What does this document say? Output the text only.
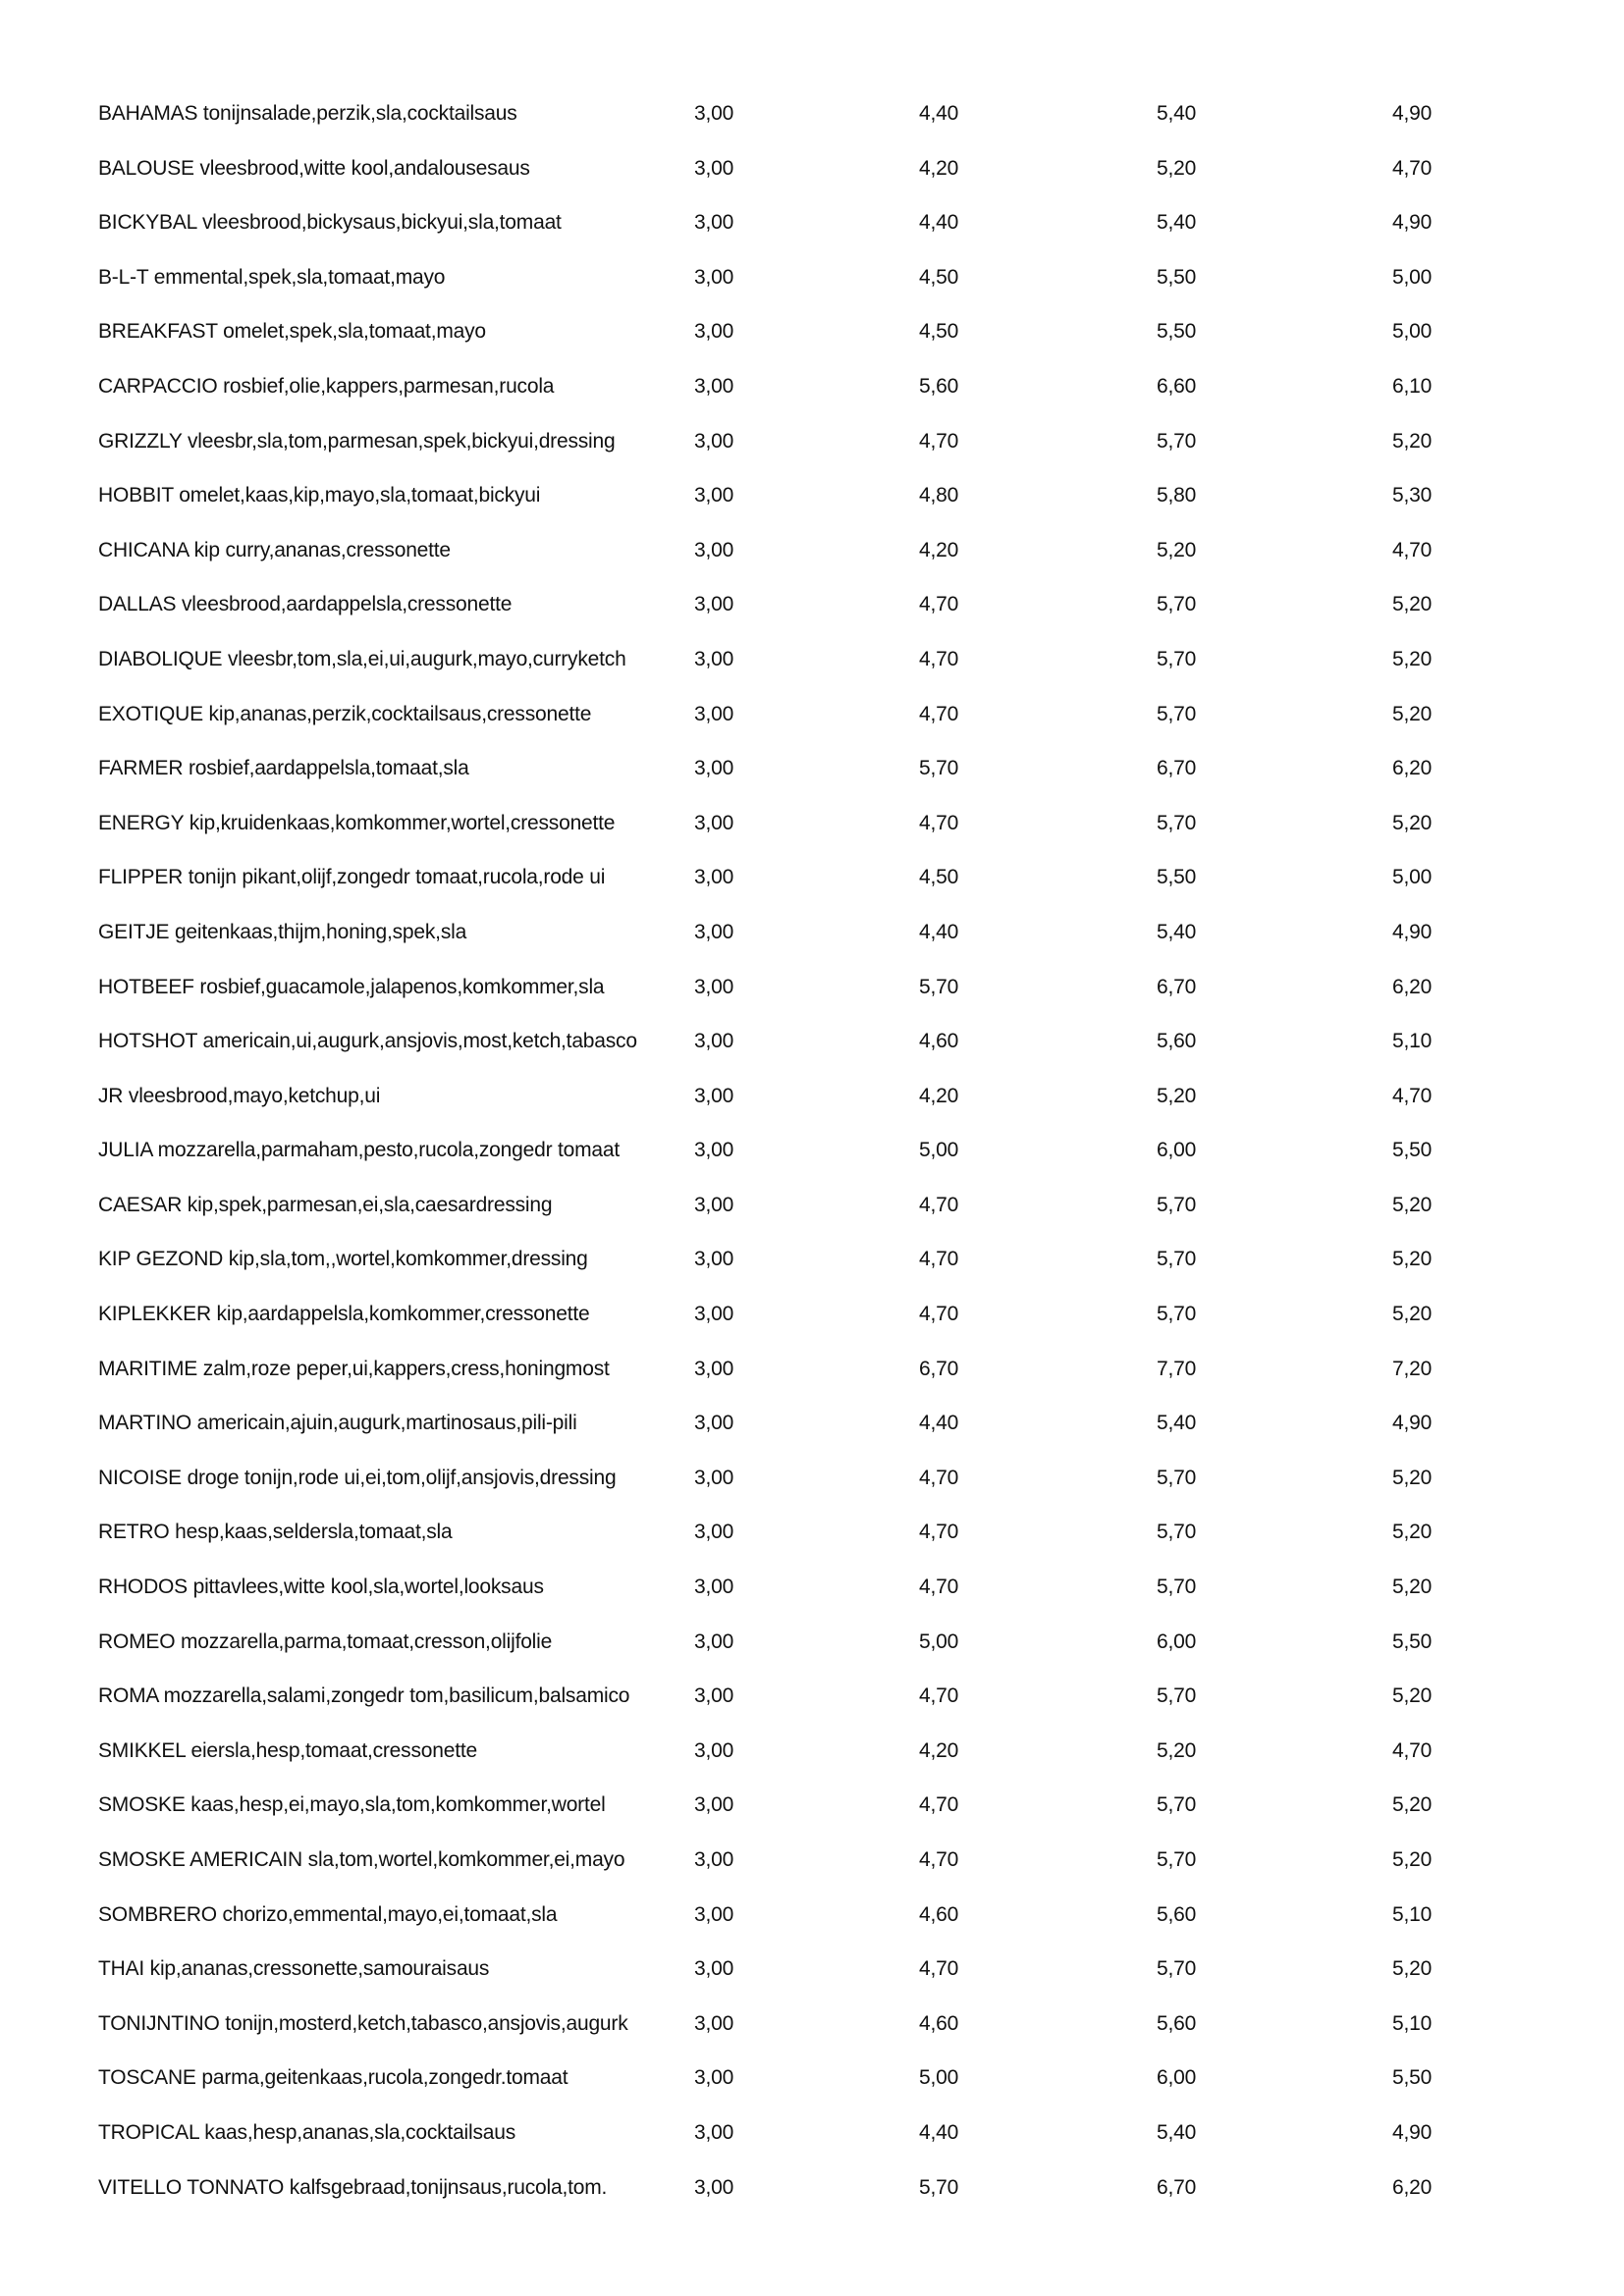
BAHAMAS tonijnsalade,perzik,sla,cocktailsaus	3,00	4,40	5,40	4,90
BALOUSE vleesbrood,witte kool,andalousesaus	3,00	4,20	5,20	4,70
BICKYBAL vleesbrood,bickysaus,bickyui,sla,tomaat	3,00	4,40	5,40	4,90
B-L-T emmental,spek,sla,tomaat,mayo	3,00	4,50	5,50	5,00
BREAKFAST omelet,spek,sla,tomaat,mayo	3,00	4,50	5,50	5,00
CARPACCIO rosbief,olie,kappers,parmesan,rucola	3,00	5,60	6,60	6,10
GRIZZLY vleesbr,sla,tom,parmesan,spek,bickyui,dressing	3,00	4,70	5,70	5,20
HOBBIT omelet,kaas,kip,mayo,sla,tomaat,bickyui	3,00	4,80	5,80	5,30
CHICANA kip curry,ananas,cressonette	3,00	4,20	5,20	4,70
DALLAS vleesbrood,aardappelsla,cressonette	3,00	4,70	5,70	5,20
DIABOLIQUE vleesbr,tom,sla,ei,ui,augurk,mayo,curryketch	3,00	4,70	5,70	5,20
EXOTIQUE kip,ananas,perzik,cocktailsaus,cressonette	3,00	4,70	5,70	5,20
FARMER rosbief,aardappelsla,tomaat,sla	3,00	5,70	6,70	6,20
ENERGY kip,kruidenkaas,komkommer,wortel,cressonette	3,00	4,70	5,70	5,20
FLIPPER tonijn pikant,olijf,zongedr tomaat,rucola,rode ui	3,00	4,50	5,50	5,00
GEITJE geitenkaas,thijm,honing,spek,sla	3,00	4,40	5,40	4,90
HOTBEEF rosbief,guacamole,jalapenos,komkommer,sla	3,00	5,70	6,70	6,20
HOTSHOT americain,ui,augurk,ansjovis,most,ketch,tabasco	3,00	4,60	5,60	5,10
JR vleesbrood,mayo,ketchup,ui	3,00	4,20	5,20	4,70
JULIA mozzarella,parmaham,pesto,rucola,zongedr tomaat	3,00	5,00	6,00	5,50
CAESAR kip,spek,parmesan,ei,sla,caesardressing	3,00	4,70	5,70	5,20
KIP GEZOND kip,sla,tom,,wortel,komkommer,dressing	3,00	4,70	5,70	5,20
KIPLEKKER kip,aardappelsla,komkommer,cressonette	3,00	4,70	5,70	5,20
MARITIME zalm,roze peper,ui,kappers,cress,honingmost	3,00	6,70	7,70	7,20
MARTINO americain,ajuin,augurk,martinosaus,pili-pili	3,00	4,40	5,40	4,90
NICOISE droge tonijn,rode ui,ei,tom,olijf,ansjovis,dressing	3,00	4,70	5,70	5,20
RETRO hesp,kaas,seldersla,tomaat,sla	3,00	4,70	5,70	5,20
RHODOS pittavlees,witte kool,sla,wortel,looksaus	3,00	4,70	5,70	5,20
ROMEO mozzarella,parma,tomaat,cresson,olijfolie	3,00	5,00	6,00	5,50
ROMA mozzarella,salami,zongedr tom,basilicum,balsamico	3,00	4,70	5,70	5,20
SMIKKEL eiersla,hesp,tomaat,cressonette	3,00	4,20	5,20	4,70
SMOSKE kaas,hesp,ei,mayo,sla,tom,komkommer,wortel	3,00	4,70	5,70	5,20
SMOSKE AMERICAIN sla,tom,wortel,komkommer,ei,mayo	3,00	4,70	5,70	5,20
SOMBRERO chorizo,emmental,mayo,ei,tomaat,sla	3,00	4,60	5,60	5,10
THAI kip,ananas,cressonette,samouraisaus	3,00	4,70	5,70	5,20
TONIJNTINO tonijn,mosterd,ketch,tabasco,ansjovis,augurk	3,00	4,60	5,60	5,10
TOSCANE parma,geitenkaas,rucola,zongedr.tomaat	3,00	5,00	6,00	5,50
TROPICAL kaas,hesp,ananas,sla,cocktailsaus	3,00	4,40	5,40	4,90
VITELLO TONNATO kalfsgebraad,tonijnsaus,rucola,tom.	3,00	5,70	6,70	6,20
